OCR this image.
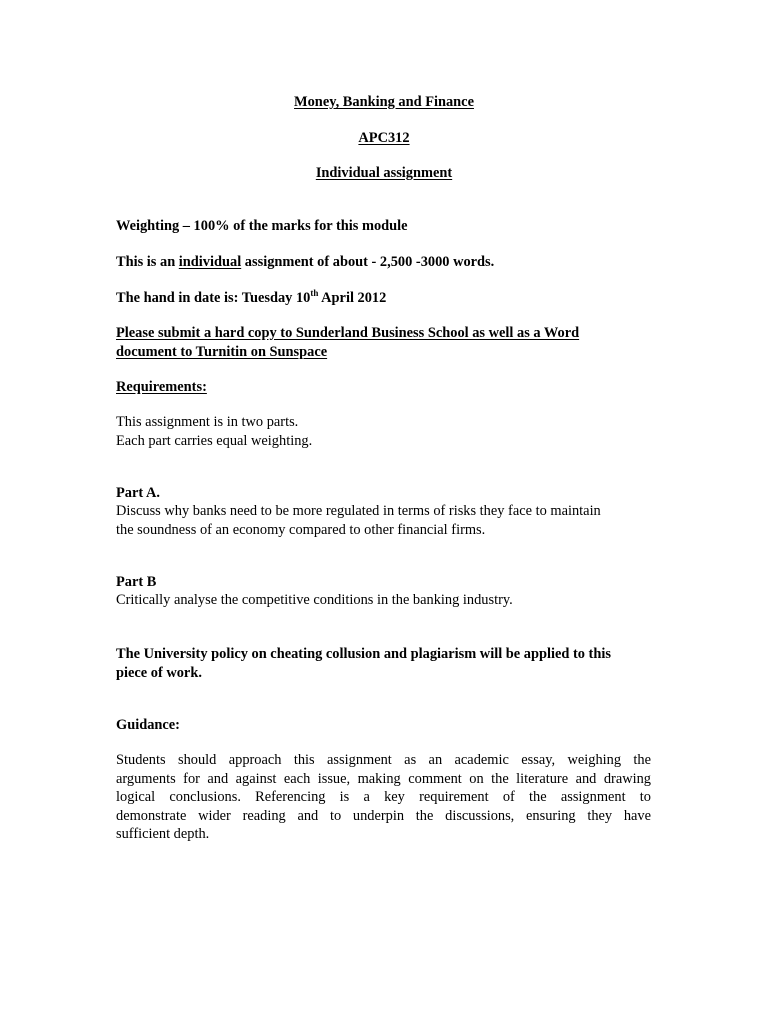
Money, Banking and Finance

APC312

Individual assignment

Weighting – 100% of the marks for this module

This is an individual assignment of about - 2,500 -3000 words.

The hand in date is: Tuesday 10th April 2012

Please submit a hard copy to Sunderland Business School as well as a Word
document to Turnitin on Sunspace

Requirements:

This assignment is in two parts.
Each part carries equal weighting.

Part A.

Discuss why banks need to be more regulated in terms of risks they face to maintain
the soundness of an economy compared to other financial firms.

Part B

Critically analyse the competitive conditions in the banking industry.

The University policy on cheating collusion and plagiarism will be applied to this
piece of work.

Guidance:

Students should approach this assignment as an academic essay, weighing the
arguments for and against each issue, making comment on the literature and drawing
logical conclusions. Referencing is a key requirement of the assignment to
demonstrate wider reading and to underpin the discussions, ensuring they have
sufficient depth.
